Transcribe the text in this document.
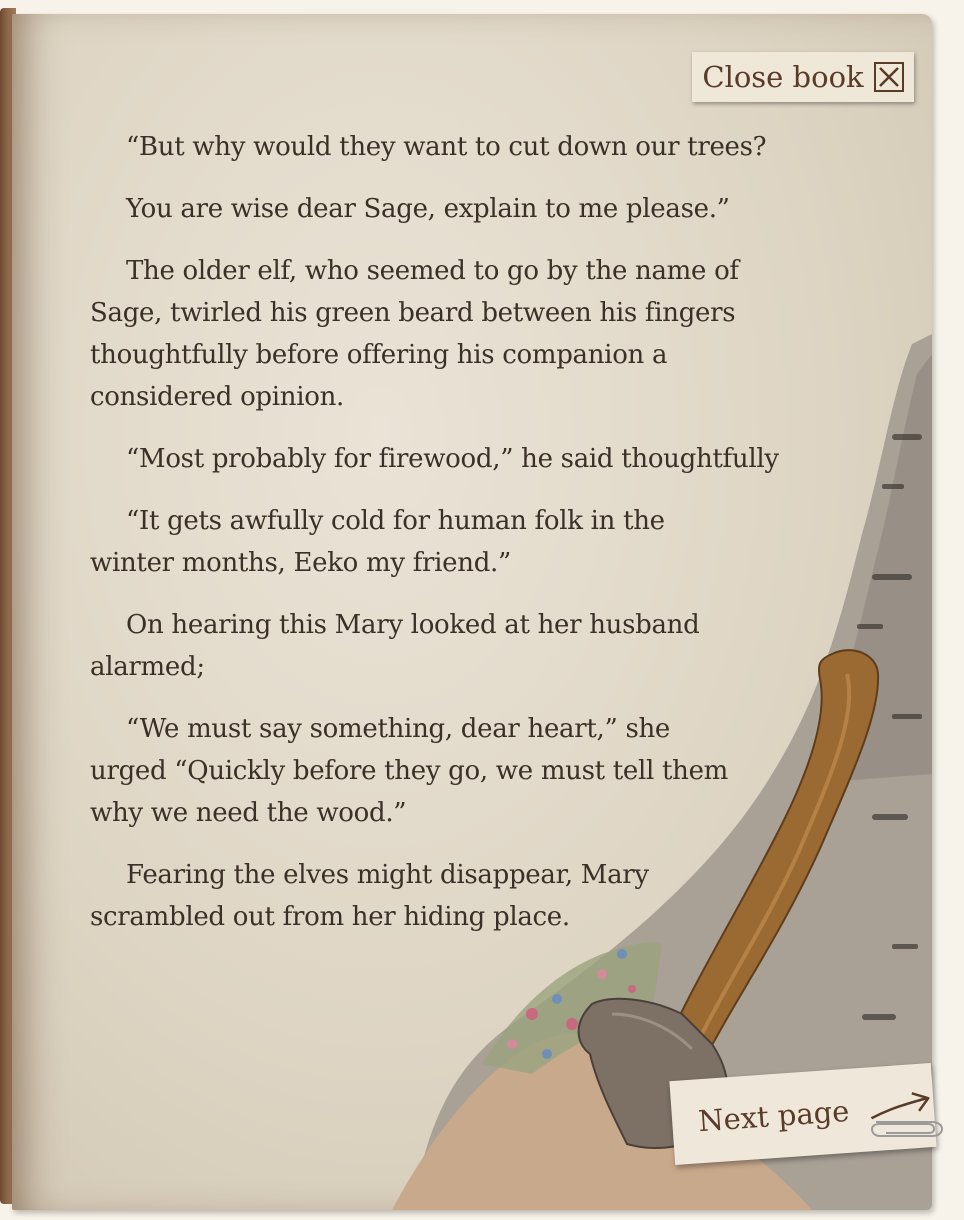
“But why would they want to cut down our trees?

You are wise dear Sage, explain to me please.”

The older elf, who seemed to go by the name of Sage, twirled his green beard between his fingers thoughtfully before offering his companion a considered opinion.

“Most probably for firewood,” he said thoughtfully

“It gets awfully cold for human folk in the winter months, Eeko my friend.”

On hearing this Mary looked at her husband alarmed;

“We must say something, dear heart,” she urged “Quickly before they go, we must tell them why we need the wood.”

Fearing the elves might disappear, Mary scrambled out from her hiding place.

Close book
Next page
